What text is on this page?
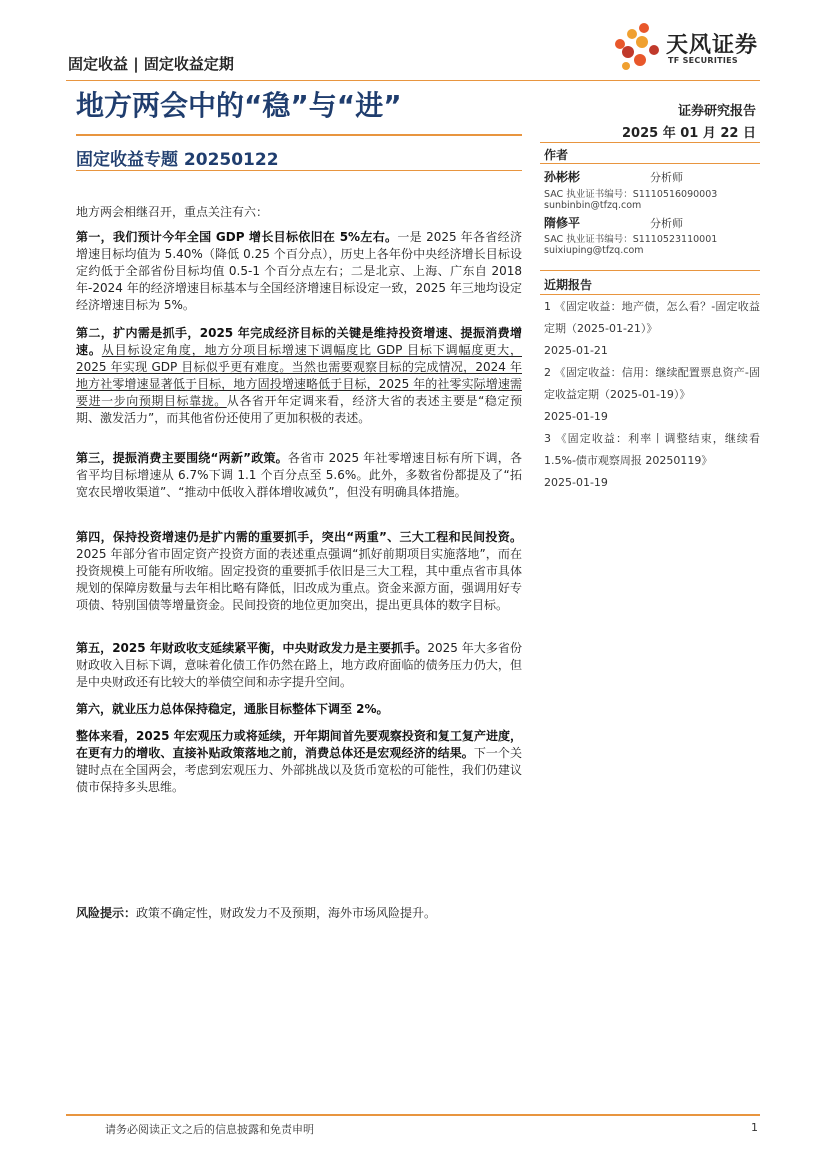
固定收益 | 固定收益定期
天风证券
TF SECURITIES
地方两会中的“稳”与“进”
固定收益专题 20250122
证券研究报告
2025 年 01 月 22 日
作者
孙彬彬	分析师
SAC 执业证书编号：S1110516090003
sunbinbin@tfzq.com
隋修平	分析师
SAC 执业证书编号：S1110523110001
suixiuping@tfzq.com
近期报告
1 《固定收益：地产债，怎么看？-固定收益定期（2025-01-21）》
2025-01-21
2 《固定收益：信用：继续配置票息资产-固定收益定期（2025-01-19）》
2025-01-19
3 《固定收益：利率丨调整结束，继续看 1.5%-债市观察周报 20250119》
2025-01-19

地方两会相继召开，重点关注有六：

第一，我们预计今年全国 GDP 增长目标依旧在 5%左右。一是 2025 年各省经济增速目标均值为 5.40%（降低 0.25 个百分点），历史上各年份中央经济增长目标设定约低于全部省份目标均值 0.5-1 个百分点左右；二是北京、上海、广东自 2018 年-2024 年的经济增速目标基本与全国经济增速目标设定一致，2025 年三地均设定经济增速目标为 5%。

第二，扩内需是抓手，2025 年完成经济目标的关键是维持投资增速、提振消费增速。从目标设定角度，地方分项目标增速下调幅度比 GDP 目标下调幅度更大，2025 年实现 GDP 目标似乎更有难度。当然也需要观察目标的完成情况，2024 年地方社零增速显著低于目标，地方固投增速略低于目标，2025 年的社零实际增速需要进一步向预期目标靠拢。从各省开年定调来看，经济大省的表述主要是“稳定预期、激发活力”，而其他省份还使用了更加积极的表述。

第三，提振消费主要围绕“两新”政策。各省市 2025 年社零增速目标有所下调，各省平均目标增速从 6.7%下调 1.1 个百分点至 5.6%。此外，多数省份都提及了“拓宽农民增收渠道”、“推动中低收入群体增收减负”，但没有明确具体措施。

第四，保持投资增速仍是扩内需的重要抓手，突出“两重”、三大工程和民间投资。2025 年部分省市固定资产投资方面的表述重点强调“抓好前期项目实施落地”，而在投资规模上可能有所收缩。固定投资的重要抓手依旧是三大工程，其中重点省市具体规划的保障房数量与去年相比略有降低，旧改成为重点。资金来源方面，强调用好专项债、特别国债等增量资金。民间投资的地位更加突出，提出更具体的数字目标。

第五，2025 年财政收支延续紧平衡，中央财政发力是主要抓手。2025 年大多省份财政收入目标下调，意味着化债工作仍然在路上，地方政府面临的债务压力仍大，但是中央财政还有比较大的举债空间和赤字提升空间。

第六，就业压力总体保持稳定，通胀目标整体下调至 2%。

整体来看，2025 年宏观压力或将延续，开年期间首先要观察投资和复工复产进度，在更有力的增收、直接补贴政策落地之前，消费总体还是宏观经济的结果。下一个关键时点在全国两会，考虑到宏观压力、外部挑战以及货币宽松的可能性，我们仍建议债市保持多头思维。

风险提示：政策不确定性，财政发力不及预期，海外市场风险提升。
请务必阅读正文之后的信息披露和免责申明	1
